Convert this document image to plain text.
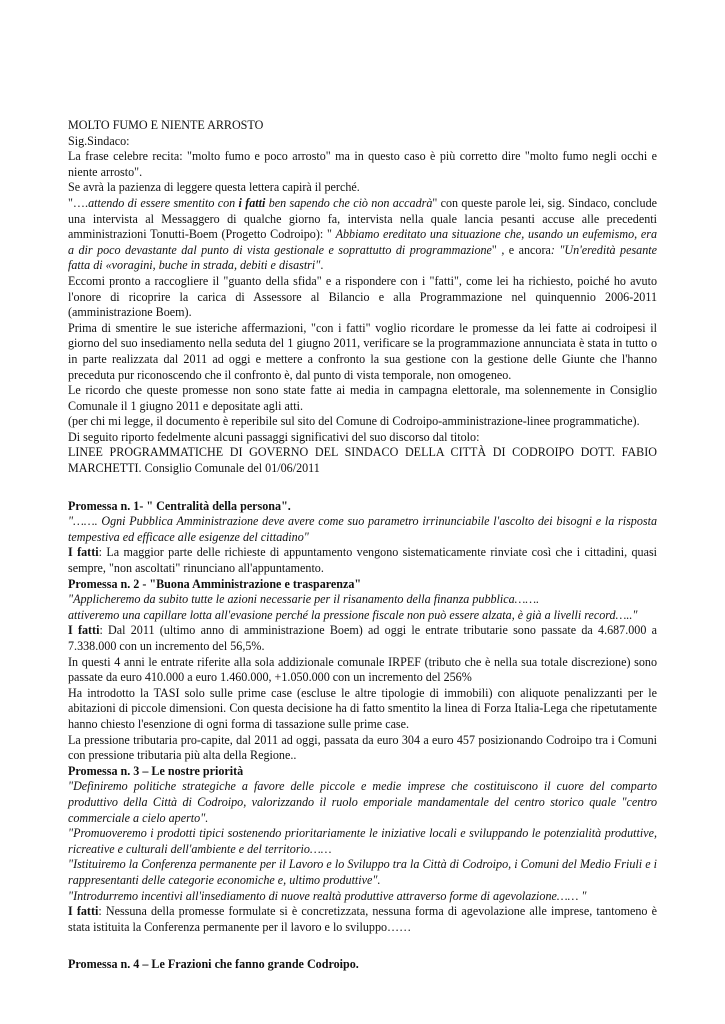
MOLTO FUMO E NIENTE ARROSTO

Sig.Sindaco:

La frase celebre recita: "molto fumo e poco arrosto" ma in questo caso è più corretto dire "molto fumo negli occhi e niente arrosto".

Se avrà la pazienza di leggere questa lettera capirà il perché.

"….attendo di essere smentito con i fatti ben sapendo che ciò non accadrà" con queste parole lei, sig. Sindaco, conclude una intervista al Messaggero di qualche giorno fa, intervista nella quale lancia pesanti accuse alle precedenti amministrazioni Tonutti-Boem (Progetto Codroipo): " Abbiamo ereditato una situazione che, usando un eufemismo, era a dir poco devastante dal punto di vista gestionale e soprattutto di programmazione" , e ancora: "Un'eredità pesante fatta di «voragini, buche in strada, debiti e disastri".

Eccomi pronto a raccogliere il "guanto della sfida" e a rispondere con i "fatti", come lei ha richiesto, poiché ho avuto l'onore di ricoprire la carica di Assessore al Bilancio e alla Programmazione nel quinquennio 2006-2011 (amministrazione Boem).

Prima di smentire le sue isteriche affermazioni, "con i fatti" voglio ricordare le promesse da lei fatte ai codroipesi il giorno del suo insediamento nella seduta del 1 giugno 2011, verificare se la programmazione annunciata è stata in tutto o in parte realizzata dal 2011 ad oggi e mettere a confronto la sua gestione con la gestione delle Giunte che l'hanno preceduta pur riconoscendo che il confronto è, dal punto di vista temporale, non omogeneo.

Le ricordo che queste promesse non sono state fatte ai media in campagna elettorale, ma solennemente in Consiglio Comunale il 1 giugno 2011 e depositate agli atti.

(per chi mi legge, il documento è reperibile sul sito del Comune di Codroipo-amministrazione-linee programmatiche).

Di seguito riporto fedelmente alcuni passaggi significativi del suo discorso dal titolo:

LINEE PROGRAMMATICHE DI GOVERNO DEL SINDACO DELLA CITTÀ DI CODROIPO DOTT. FABIO MARCHETTI. Consiglio Comunale del 01/06/2011

Promessa n. 1- " Centralità della persona".

"……. Ogni Pubblica Amministrazione deve avere come suo parametro irrinunciabile l'ascolto dei bisogni e la risposta tempestiva ed efficace alle esigenze del cittadino"

I fatti: La maggior parte delle richieste di appuntamento vengono sistematicamente rinviate così che i cittadini, quasi sempre, "non ascoltati" rinunciano all'appuntamento.

Promessa n. 2 - "Buona Amministrazione e trasparenza"

"Applicheremo da subito tutte le azioni necessarie per il risanamento della finanza pubblica…….

attiveremo una capillare lotta all'evasione perché la pressione fiscale non può essere alzata, è già a livelli record….."

I fatti: Dal 2011 (ultimo anno di amministrazione Boem) ad oggi le entrate tributarie sono passate da 4.687.000 a 7.338.000 con un incremento del 56,5%.

In questi 4 anni le entrate riferite alla sola addizionale comunale IRPEF (tributo che è nella sua totale discrezione) sono passate da euro 410.000 a euro 1.460.000, +1.050.000 con un incremento del 256%

Ha introdotto la TASI solo sulle prime case (escluse le altre tipologie di immobili) con aliquote penalizzanti per le abitazioni di piccole dimensioni. Con questa decisione ha di fatto smentito la linea di Forza Italia-Lega che ripetutamente hanno chiesto l'esenzione di ogni forma di tassazione sulle prime case.

La pressione tributaria pro-capite, dal 2011 ad oggi, passata da euro 304 a euro 457 posizionando Codroipo tra i Comuni con pressione tributaria più alta della Regione..

Promessa n. 3 – Le nostre priorità

"Definiremo politiche strategiche a favore delle piccole e medie imprese che costituiscono il cuore del comparto produttivo della Città di Codroipo, valorizzando il ruolo emporiale mandamentale del centro storico quale "centro commerciale a cielo aperto".

"Promuoveremo i prodotti tipici sostenendo prioritariamente le iniziative locali e sviluppando le potenzialità produttive, ricreative e culturali dell'ambiente e del territorio……

"Istituiremo la Conferenza permanente per il Lavoro e lo Sviluppo tra la Città di Codroipo, i Comuni del Medio Friuli e i rappresentanti delle categorie economiche e, ultimo produttive".

"Introdurremo incentivi all'insediamento di nuove realtà produttive attraverso forme di agevolazione…… "

I fatti: Nessuna della promesse formulate si è concretizzata, nessuna forma di agevolazione alle imprese, tantomeno è stata istituita la Conferenza permanente per il lavoro e lo sviluppo……

Promessa n. 4 – Le Frazioni che fanno grande Codroipo.
